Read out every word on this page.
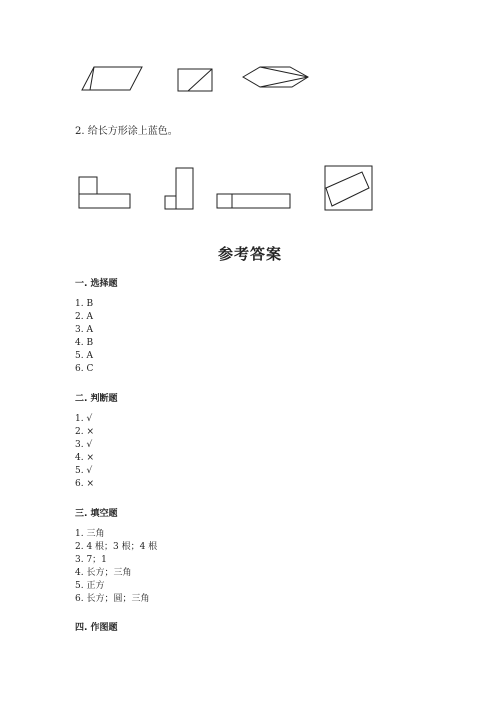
2. 给长方形涂上蓝色。
参考答案
一. 选择题
1. B
2. A
3. A
4. B
5. A
6. C
二. 判断题
1. √
2. ×
3. √
4. ×
5. √
6. ×
三. 填空题
1. 三角
2. 4 根；3 根；4 根
3. 7；1
4. 长方；三角
5. 正方
6. 长方；圆；三角
四. 作图题
